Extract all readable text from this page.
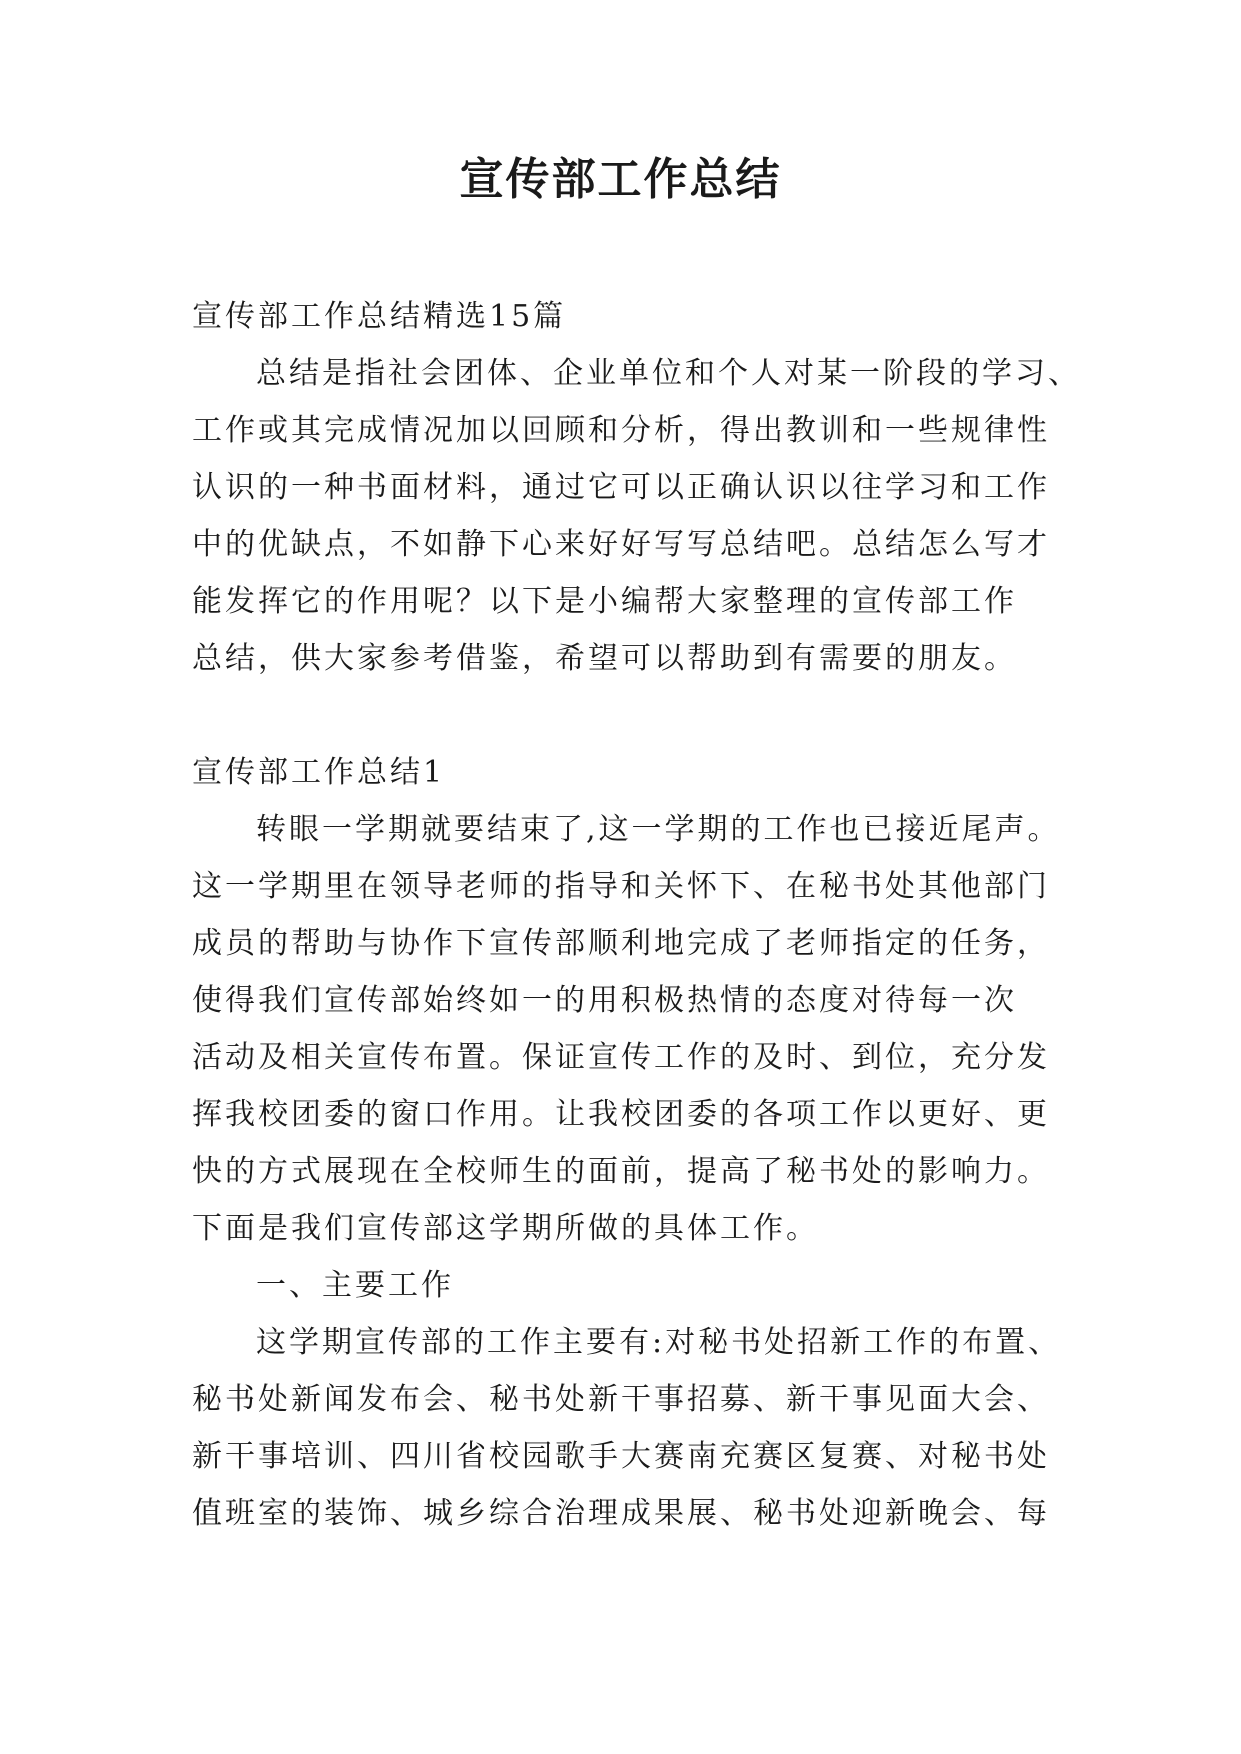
宣传部工作总结
宣传部工作总结精选15篇
总结是指社会团体、企业单位和个人对某一阶段的学习、
工作或其完成情况加以回顾和分析，得出教训和一些规律性
认识的一种书面材料，通过它可以正确认识以往学习和工作
中的优缺点，不如静下心来好好写写总结吧。总结怎么写才
能发挥它的作用呢？以下是小编帮大家整理的宣传部工作
总结，供大家参考借鉴，希望可以帮助到有需要的朋友。
宣传部工作总结1
转眼一学期就要结束了,这一学期的工作也已接近尾声。
这一学期里在领导老师的指导和关怀下、在秘书处其他部门
成员的帮助与协作下宣传部顺利地完成了老师指定的任务，
使得我们宣传部始终如一的用积极热情的态度对待每一次
活动及相关宣传布置。保证宣传工作的及时、到位，充分发
挥我校团委的窗口作用。让我校团委的各项工作以更好、更
快的方式展现在全校师生的面前，提高了秘书处的影响力。
下面是我们宣传部这学期所做的具体工作。
一、主要工作
这学期宣传部的工作主要有:对秘书处招新工作的布置、
秘书处新闻发布会、秘书处新干事招募、新干事见面大会、
新干事培训、四川省校园歌手大赛南充赛区复赛、对秘书处
值班室的装饰、城乡综合治理成果展、秘书处迎新晚会、每
